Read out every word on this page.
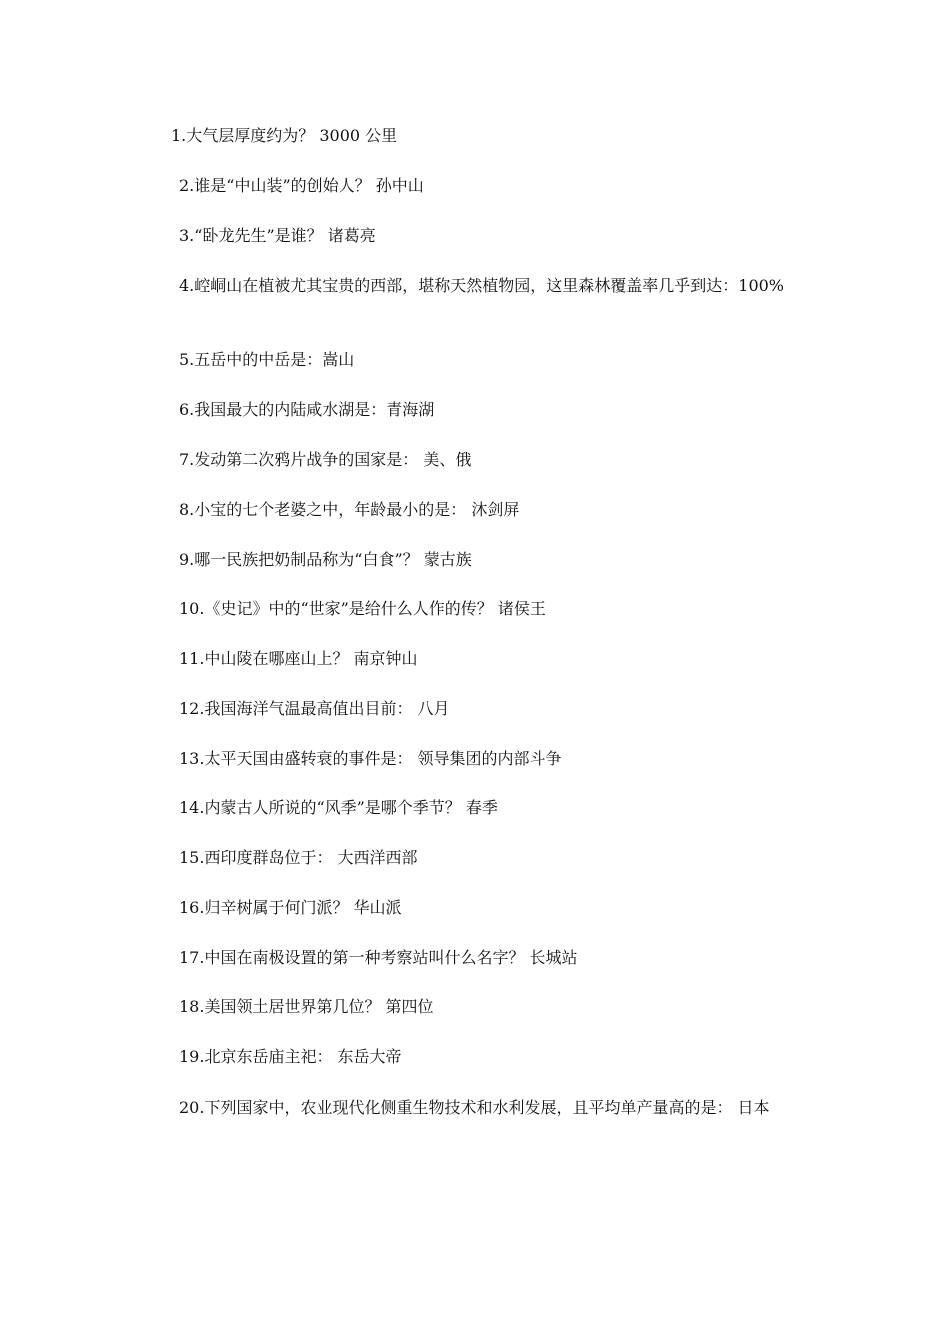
1.大气层厚度约为？ 3000 公里

2.谁是“中山装”的创始人？ 孙中山

3.“卧龙先生”是谁？ 诸葛亮

4.崆峒山在植被尤其宝贵的西部，堪称天然植物园，这里森林覆盖率几乎到达：100%

5.五岳中的中岳是：嵩山

6.我国最大的内陆咸水湖是：青海湖

7.发动第二次鸦片战争的国家是： 美、俄

8.小宝的七个老婆之中，年龄最小的是： 沐剑屏

9.哪一民族把奶制品称为“白食”？ 蒙古族

10.《史记》中的“世家”是给什么人作的传？ 诸侯王

11.中山陵在哪座山上？ 南京钟山

12.我国海洋气温最高值出目前： 八月

13.太平天国由盛转衰的事件是： 领导集团的内部斗争

14.内蒙古人所说的“风季”是哪个季节？ 春季

15.西印度群岛位于： 大西洋西部

16.归辛树属于何门派？ 华山派

17.中国在南极设置的第一种考察站叫什么名字？ 长城站

18.美国领土居世界第几位？ 第四位

19.北京东岳庙主祀： 东岳大帝

20.下列国家中，农业现代化侧重生物技术和水利发展，且平均单产量高的是： 日本
